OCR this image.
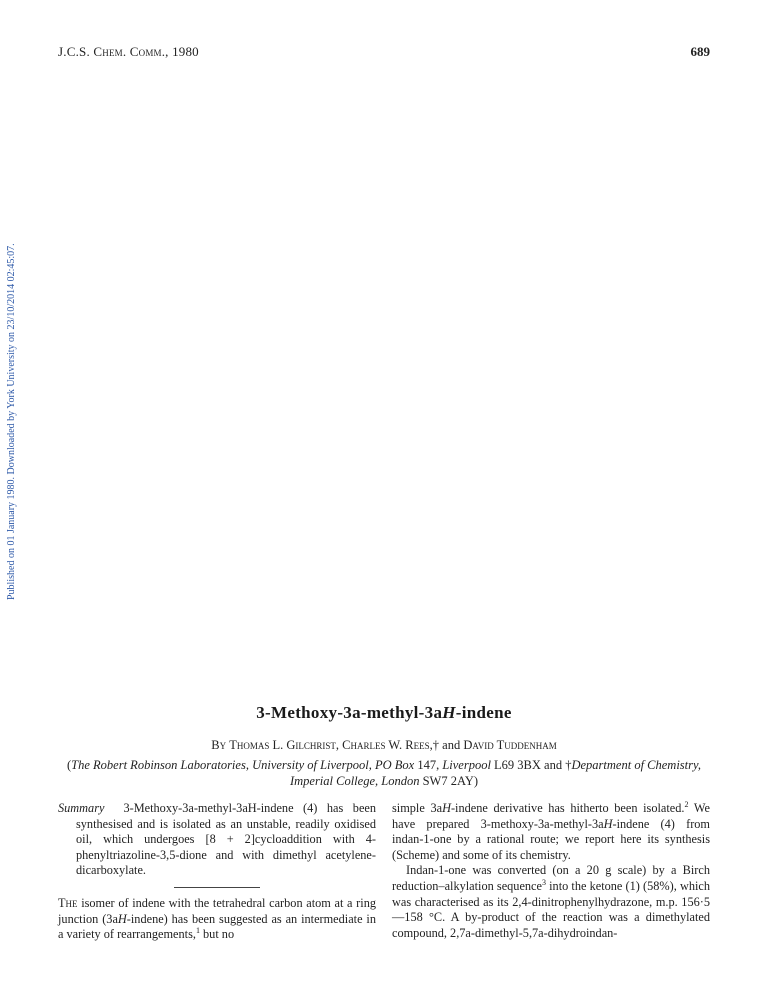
J.C.S. Chem. Comm., 1980	689
Published on 01 January 1980. Downloaded by York University on 23/10/2014 02:45:07.
3-Methoxy-3a-methyl-3aH-indene
By Thomas L. Gilchrist, Charles W. Rees,† and David Tuddenham
(The Robert Robinson Laboratories, University of Liverpool, PO Box 147, Liverpool L69 3BX and †Department of Chemistry, Imperial College, London SW7 2AY)

Summary 3-Methoxy-3a-methyl-3aH-indene (4) has been synthesised and is isolated as an unstable, readily oxidised oil, which undergoes [8 + 2]cycloaddition with 4-phenyltriazoline-3,5-dione and with dimethyl acetylene-dicarboxylate.

The isomer of indene with the tetrahedral carbon atom at a ring junction (3aH-indene) has been suggested as an intermediate in a variety of rearrangements,$^1$ but no

simple 3aH-indene derivative has hitherto been isolated.$^2$ We have prepared 3-methoxy-3a-methyl-3aH-indene (4) from indan-1-one by a rational route; we report here its synthesis (Scheme) and some of its chemistry.

Indan-1-one was converted (on a 20 g scale) by a Birch reduction–alkylation sequence$^3$ into the ketone (1) (58%), which was characterised as its 2,4-dinitrophenylhydrazone, m.p. 156·5—158 °C. A by-product of the reaction was a dimethylated compound, 2,7a-dimethyl-5,7a-dihydroindan-
